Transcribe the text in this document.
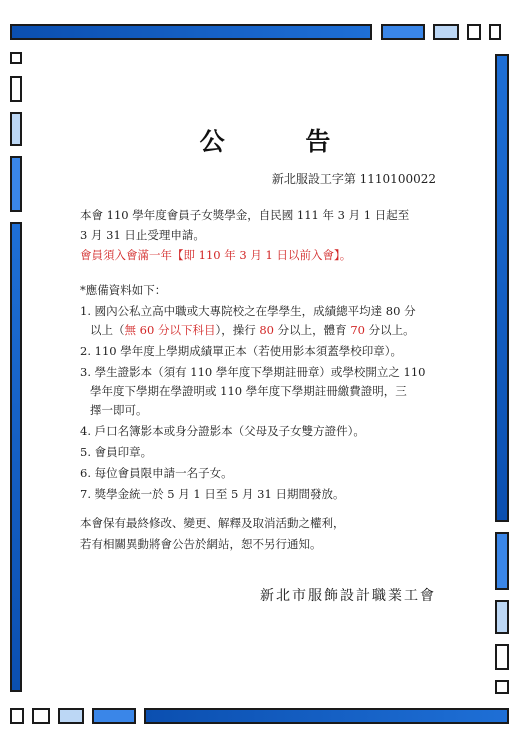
公 告
新北服設工字第 1110100022
本會 110 學年度會員子女獎學金，自民國 111 年 3 月 1 日起至
3 月 31 日止受理申請。
會員須入會滿一年【即 110 年 3 月 1 日以前入會】。
*應備資料如下：
1. 國內公私立高中職或大專院校之在學學生，成績總平均達 80 分
以上（無 60 分以下科目），操行 80 分以上，體育 70 分以上。
2. 110 學年度上學期成績單正本（若使用影本須蓋學校印章）。
3. 學生證影本（須有 110 學年度下學期註冊章）或學校開立之 110
學年度下學期在學證明或 110 學年度下學期註冊繳費證明，三
擇一即可。
4. 戶口名簿影本或身分證影本（父母及子女雙方證件）。
5. 會員印章。
6. 每位會員限申請一名子女。
7. 獎學金統一於 5 月 1 日至 5 月 31 日期間發放。
本會保有最終修改、變更、解釋及取消活動之權利，
若有相關異動將會公告於網站，恕不另行通知。
新北市服飾設計職業工會
